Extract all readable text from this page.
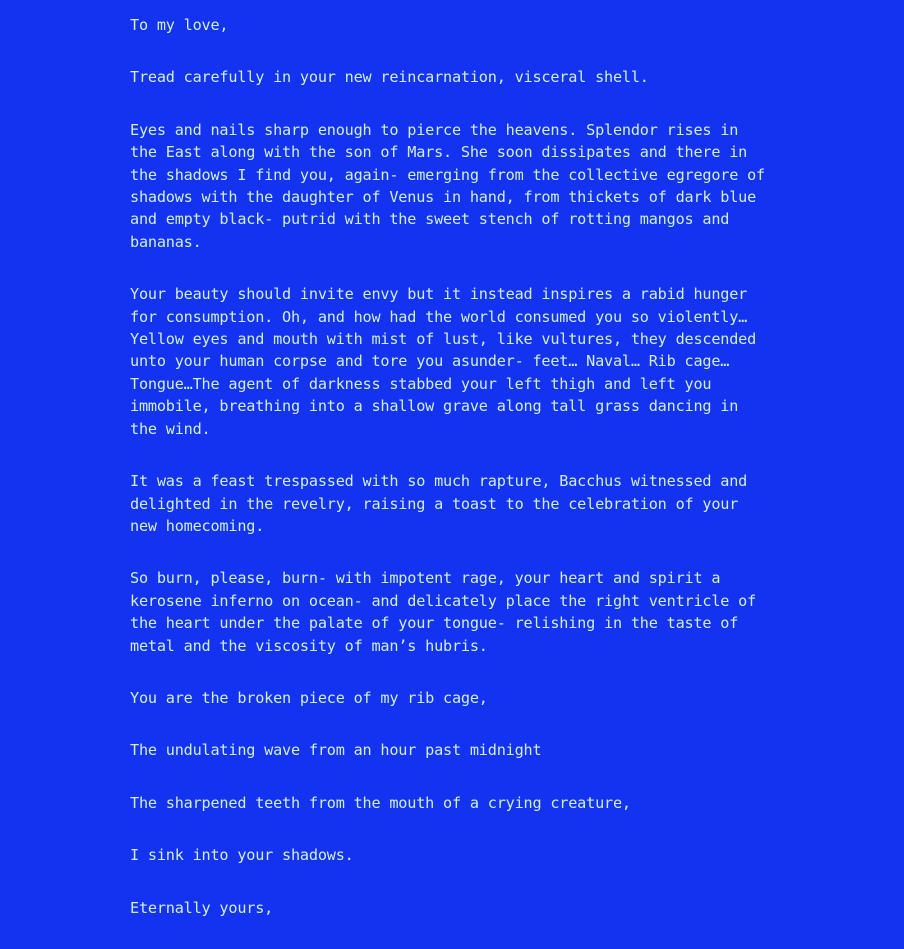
To my love,

Tread carefully in your new reincarnation, visceral shell.

Eyes and nails sharp enough to pierce the heavens. Splendor rises in the East along with the son of Mars. She soon dissipates and there in the shadows I find you, again- emerging from the collective egregore of shadows with the daughter of Venus in hand, from thickets of dark blue and empty black- putrid with the sweet stench of rotting mangos and bananas.

Your beauty should invite envy but it instead inspires a rabid hunger for consumption. Oh, and how had the world consumed you so violently… Yellow eyes and mouth with mist of lust, like vultures, they descended unto your human corpse and tore you asunder- feet… Naval… Rib cage… Tongue…The agent of darkness stabbed your left thigh and left you immobile, breathing into a shallow grave along tall grass dancing in the wind.

It was a feast trespassed with so much rapture, Bacchus witnessed and delighted in the revelry, raising a toast to the celebration of your new homecoming.

So burn, please, burn- with impotent rage, your heart and spirit a kerosene inferno on ocean- and delicately place the right ventricle of the heart under the palate of your tongue- relishing in the taste of metal and the viscosity of man’s hubris.

You are the broken piece of my rib cage,

The undulating wave from an hour past midnight

The sharpened teeth from the mouth of a crying creature,

I sink into your shadows.

Eternally yours,
